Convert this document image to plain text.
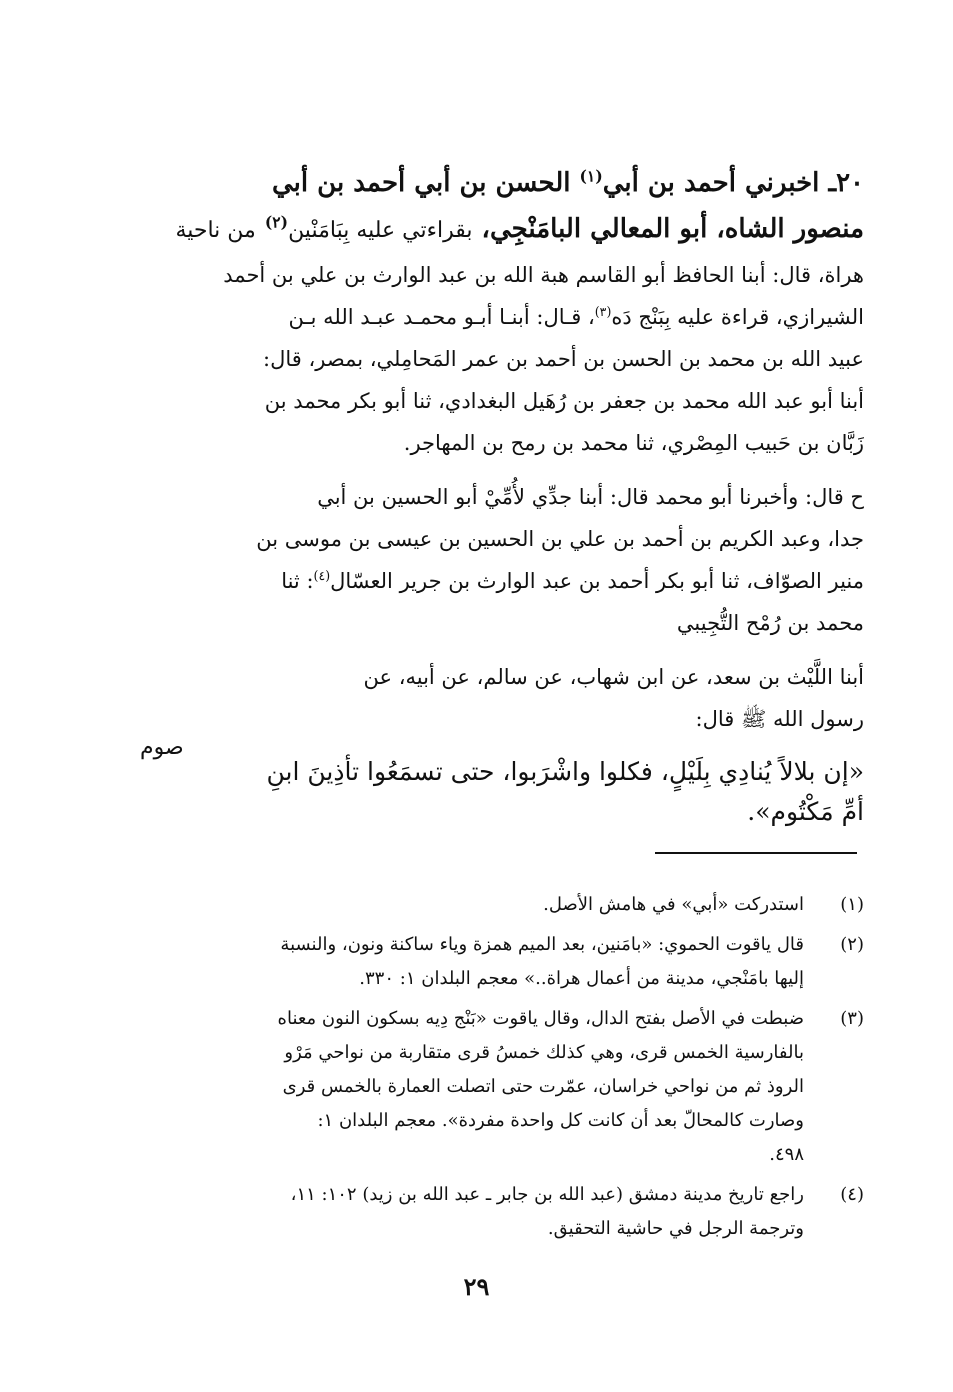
٢٠ـ اخبرني أحمد بن أبي$^{(١)}$ الحسن بن أبي أحمد بن أبي
منصور الشاه، أبو المعالي البامَنْجِي، بقراءتي عليه بِبَامَنْين$^{(٢)}$ من ناحية
هراة، قال: أبنا الحافظ أبو القاسم هبة الله بن عبد الوارث بن علي بن أحمد
الشيرازي، قراءة عليه بِبَنْج دَه$^{(٣)}$، قـال: أبنـا أبـو محمـد عبـد الله بـن
عبيد الله بن محمد بن الحسن بن أحمد بن عمر المَحامِلي، بمصر، قال:
أبنا أبو عبد الله محمد بن جعفر بن رُهَيل البغدادي، ثنا أبو بكر محمد بن
زَبَّان بن حَبيب المِصْري، ثنا محمد بن رمح بن المهاجر.
ح قال: وأخبرنا أبو محمد قال: أبنا جدِّي لأُمِّيْ أبو الحسين بن أبي
جدا، وعبد الكريم بن أحمد بن علي بن الحسين بن عيسى بن موسى بن
منير الصوّاف، ثنا أبو بكر أحمد بن عبد الوارث بن جرير العسّال$^{(٤)}$: ثنا
محمد بن رُمْح التُّجِيبي
أبنا اللَّيْث بن سعد، عن ابن شهاب، عن سالم، عن أبيه، عن
رسول الله ﷺ قال:
«إن بلالاً يُنادِي بِلَيْلٍ، فكلوا واشْرَبوا، حتى تسمَعُوا تأذِينَ ابنِ
أمِّ مَكْتُوم».
صوم
(١)
استدركت «أبي» في هامش الأصل.
(٢)
قال ياقوت الحموي: «بامَنين، بعد الميم همزة وياء ساكنة ونون، والنسبة
إليها بامَنْجي، مدينة من أعمال هراة..» معجم البلدان ١: ٣٣٠.
(٣)
ضبطت في الأصل بفتح الدال، وقال ياقوت «بَنْج دِيه بسكون النون معناه
بالفارسية الخمس قرى، وهي كذلك خمسُ قرى متقاربة من نواحي مَرْو
الروذ ثم من نواحي خراسان، عمّرت حتى اتصلت العمارة بالخمس قرى
وصارت كالمحالّ بعد أن كانت كل واحدة مفردة». معجم البلدان ١:
٤٩٨.
(٤)
راجع تاريخ مدينة دمشق (عبد الله بن جابر ـ عبد الله بن زيد) ١٠٢: ١١،
وترجمة الرجل في حاشية التحقيق.
٢٩
